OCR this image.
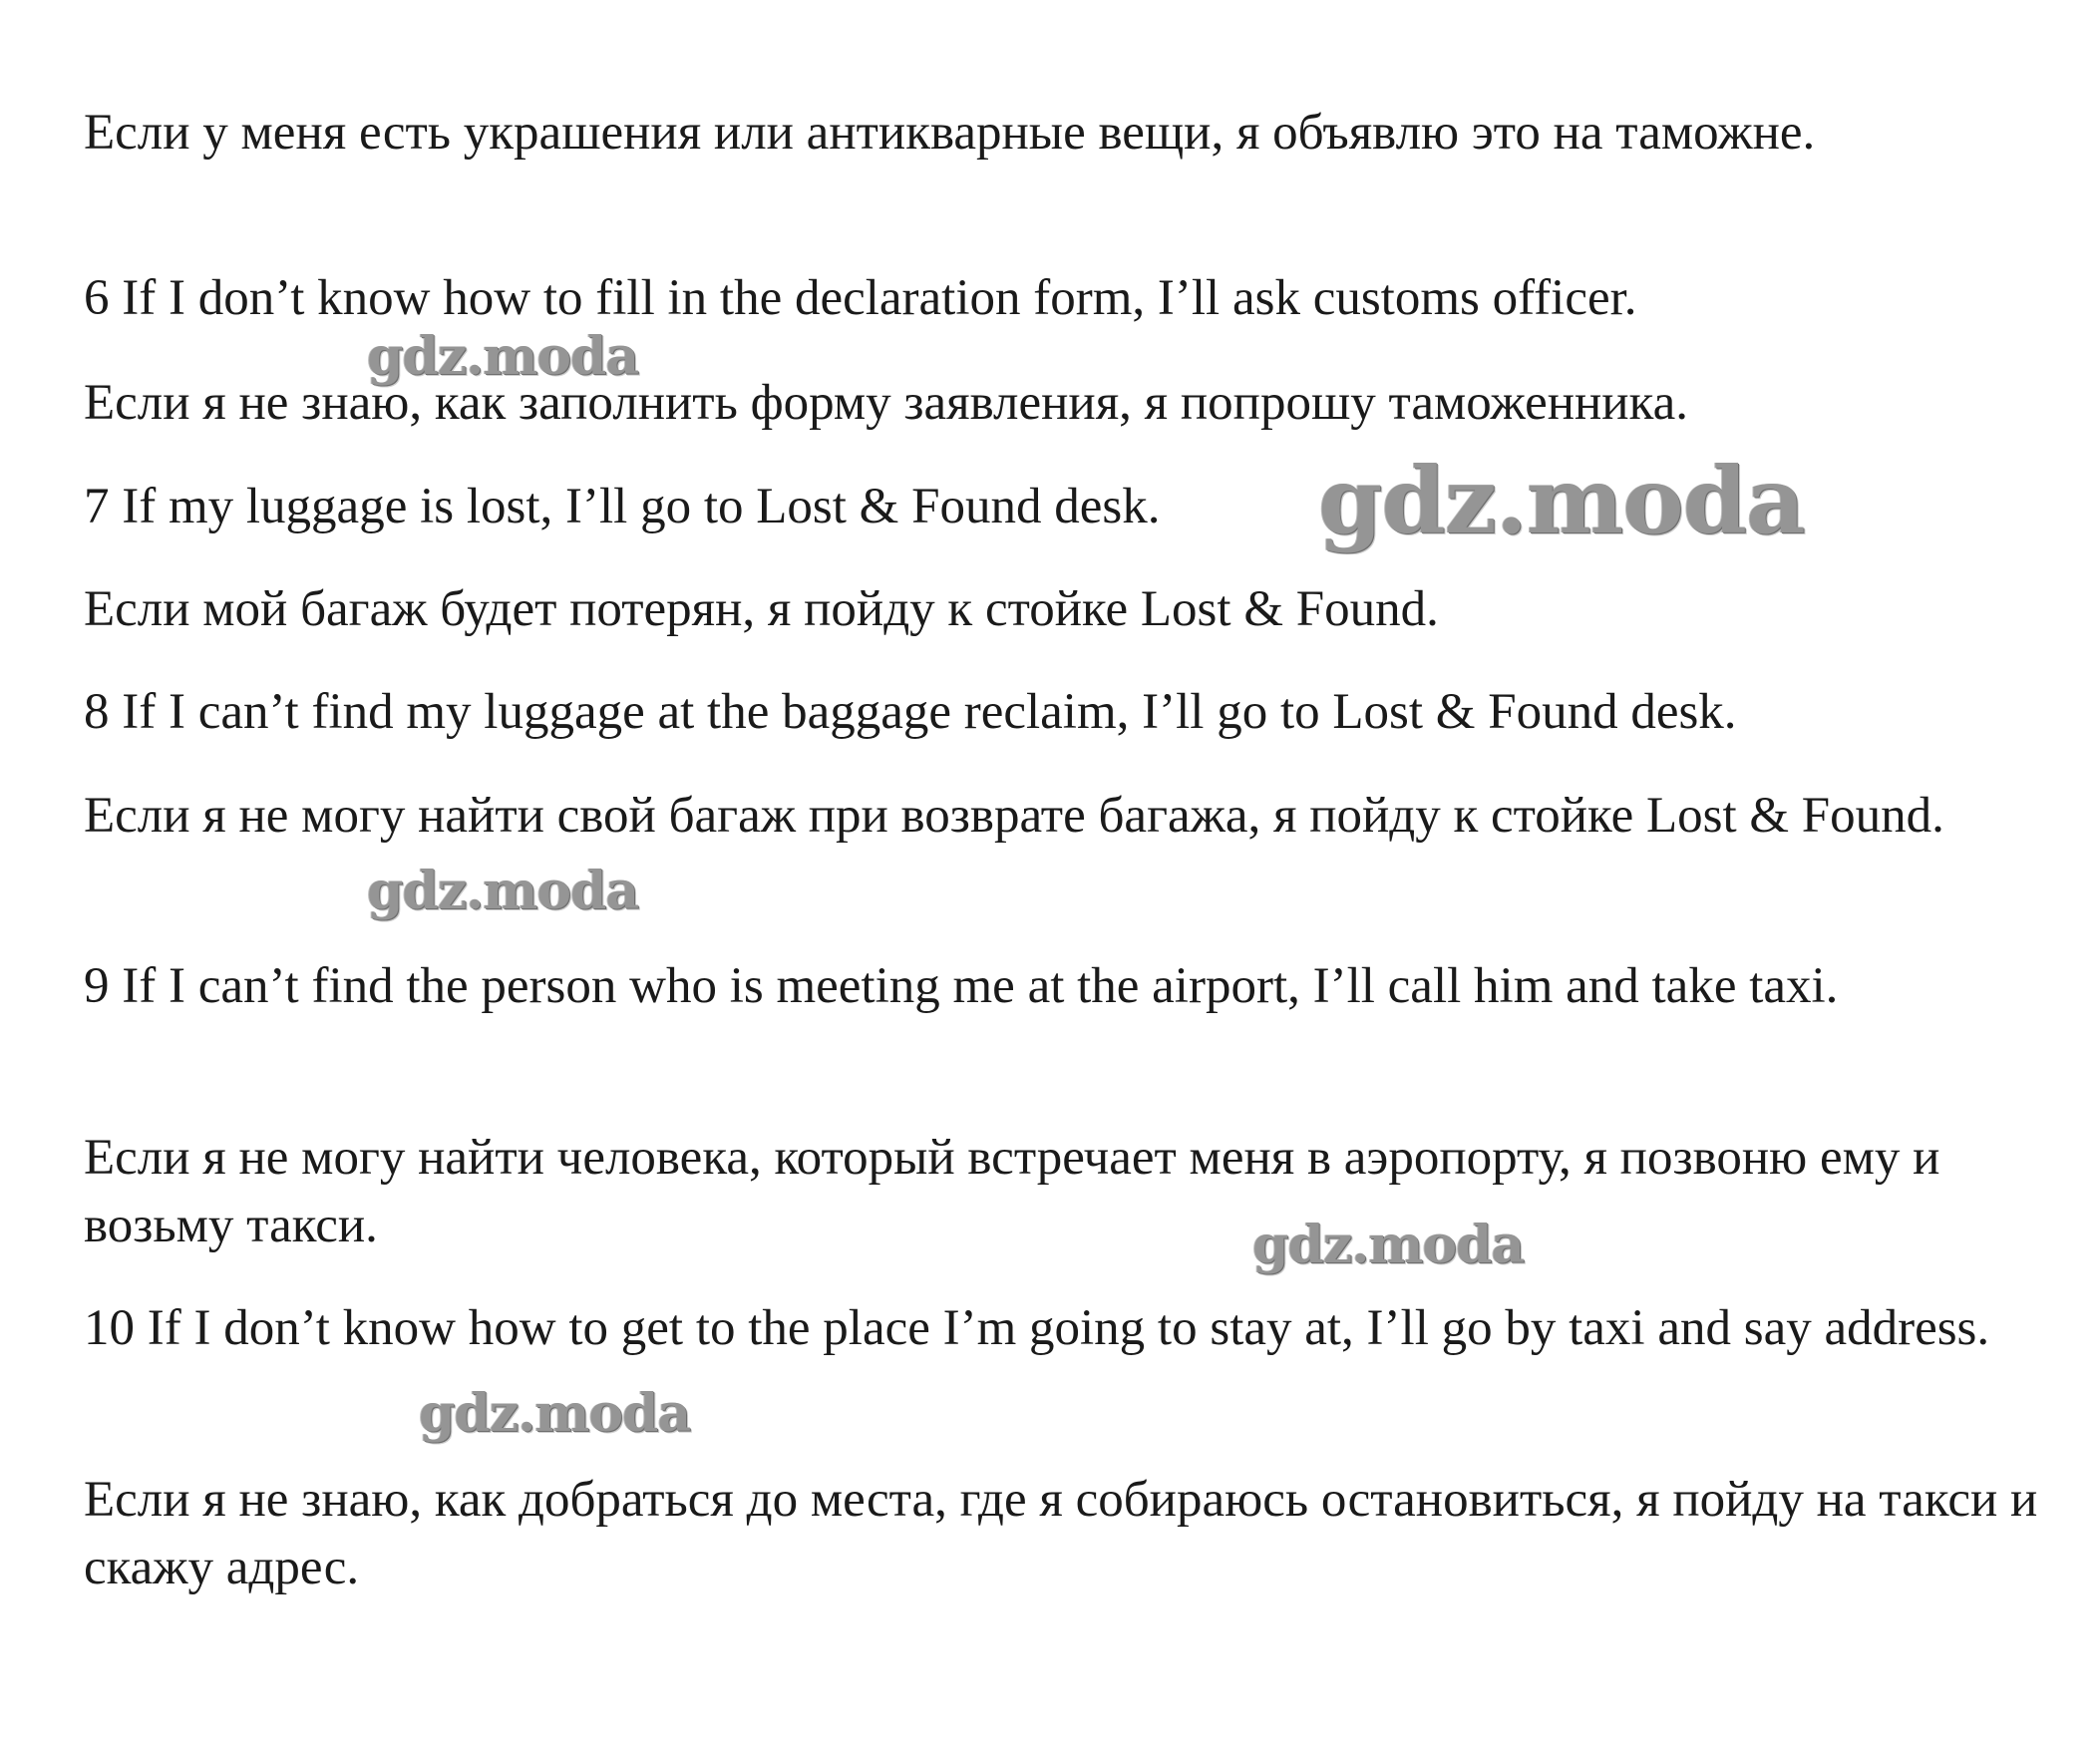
Если у меня есть украшения или антикварные вещи, я объявлю это на таможне.

6 If I don’t know how to fill in the declaration form, I’ll ask customs officer.

Если я не знаю, как заполнить форму заявления, я попрошу таможенника.

7 If my luggage is lost, I’ll go to Lost & Found desk.

Если мой багаж будет потерян, я пойду к стойке Lost & Found.

8 If I can’t find my luggage at the baggage reclaim, I’ll go to Lost & Found desk.

Если я не могу найти свой багаж при возврате багажа, я пойду к стойке Lost & Found.

9 If I can’t find the person who is meeting me at the airport, I’ll call him and take taxi.

Если я не могу найти человека, который встречает меня в аэропорту, я позвоню ему и возьму такси.

10 If I don’t know how to get to the place I’m going to stay at, I’ll go by taxi and say address.

Если я не знаю, как добраться до места, где я собираюсь остановиться, я пойду на такси и скажу адрес.

gdz.moda
gdz.moda
gdz.moda
gdz.moda
gdz.moda
